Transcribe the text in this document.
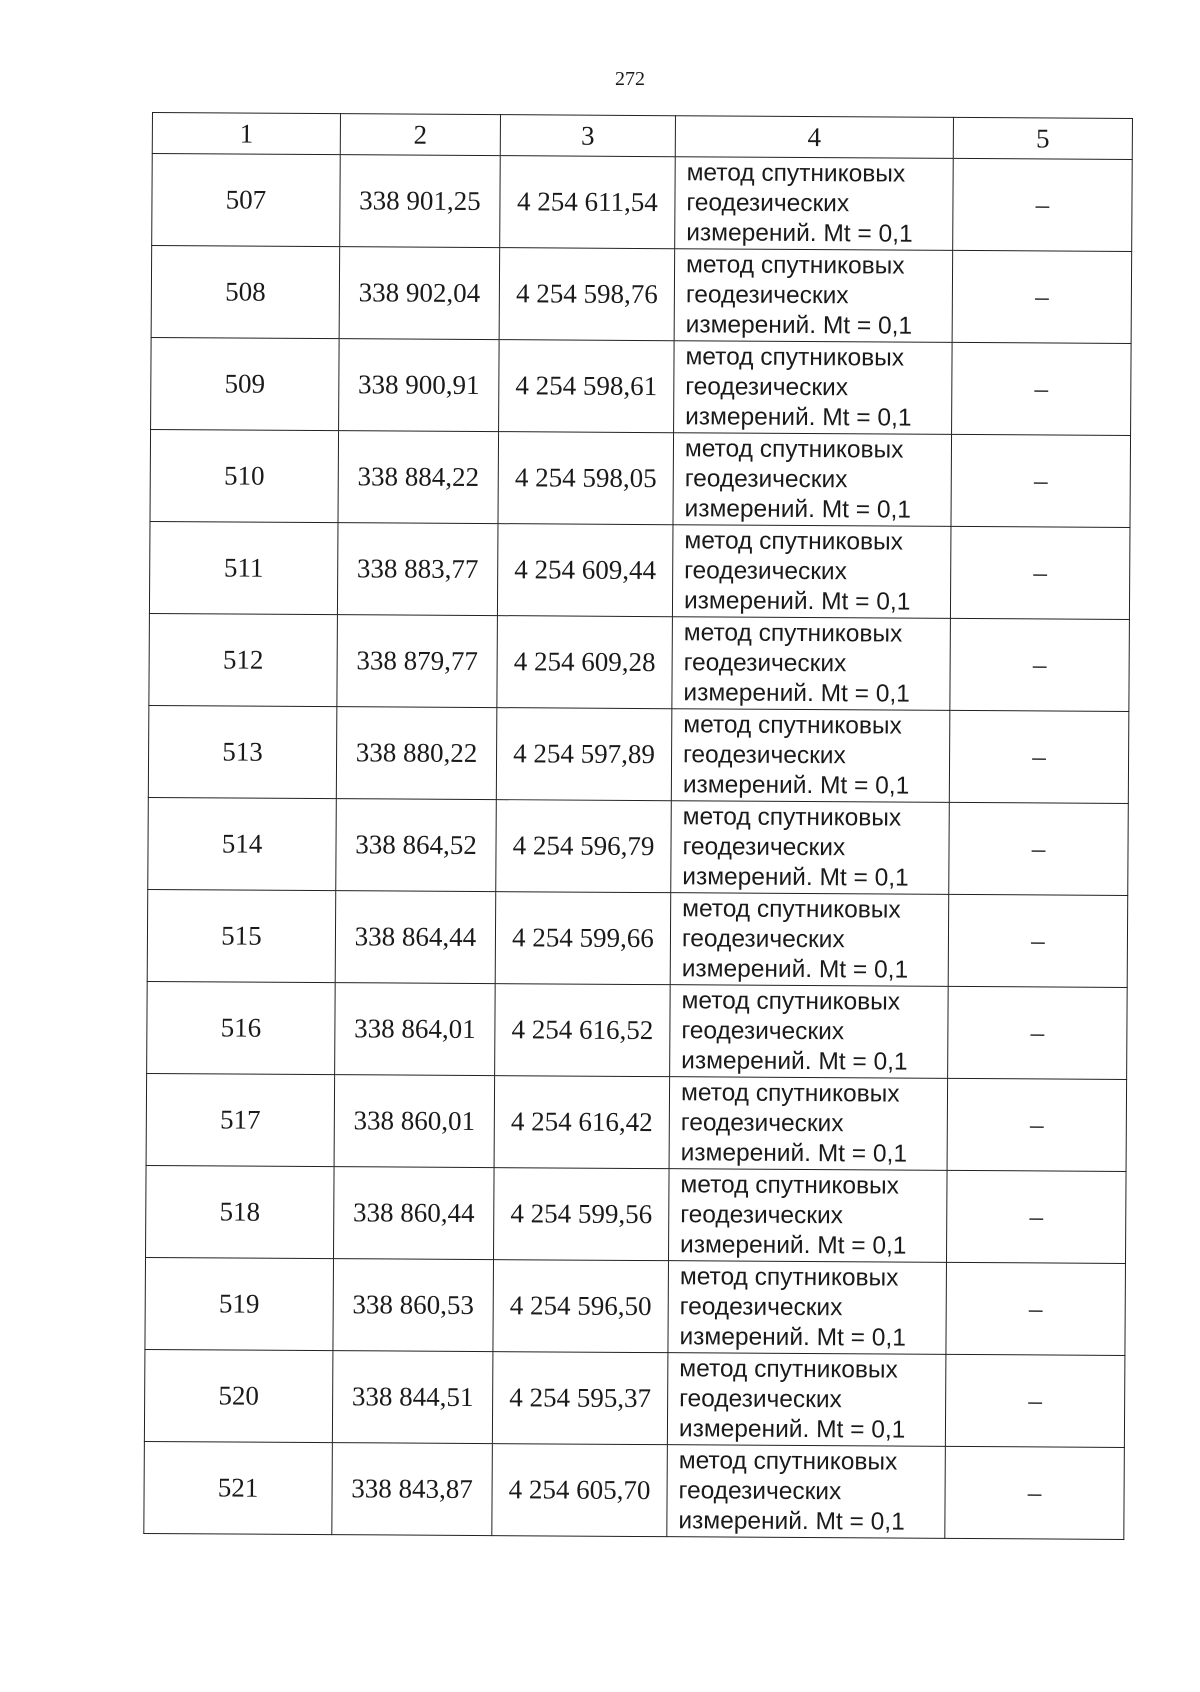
272
1	2	3	4	5
507	338 901,25	4 254 611,54	метод спутниковых
геодезических
измерений. Mt = 0,1	–
508	338 902,04	4 254 598,76	метод спутниковых
геодезических
измерений. Mt = 0,1	–
509	338 900,91	4 254 598,61	метод спутниковых
геодезических
измерений. Mt = 0,1	–
510	338 884,22	4 254 598,05	метод спутниковых
геодезических
измерений. Mt = 0,1	–
511	338 883,77	4 254 609,44	метод спутниковых
геодезических
измерений. Mt = 0,1	–
512	338 879,77	4 254 609,28	метод спутниковых
геодезических
измерений. Mt = 0,1	–
513	338 880,22	4 254 597,89	метод спутниковых
геодезических
измерений. Mt = 0,1	–
514	338 864,52	4 254 596,79	метод спутниковых
геодезических
измерений. Mt = 0,1	–
515	338 864,44	4 254 599,66	метод спутниковых
геодезических
измерений. Mt = 0,1	–
516	338 864,01	4 254 616,52	метод спутниковых
геодезических
измерений. Mt = 0,1	–
517	338 860,01	4 254 616,42	метод спутниковых
геодезических
измерений. Mt = 0,1	–
518	338 860,44	4 254 599,56	метод спутниковых
геодезических
измерений. Mt = 0,1	–
519	338 860,53	4 254 596,50	метод спутниковых
геодезических
измерений. Mt = 0,1	–
520	338 844,51	4 254 595,37	метод спутниковых
геодезических
измерений. Mt = 0,1	–
521	338 843,87	4 254 605,70	метод спутниковых
геодезических
измерений. Mt = 0,1	–
